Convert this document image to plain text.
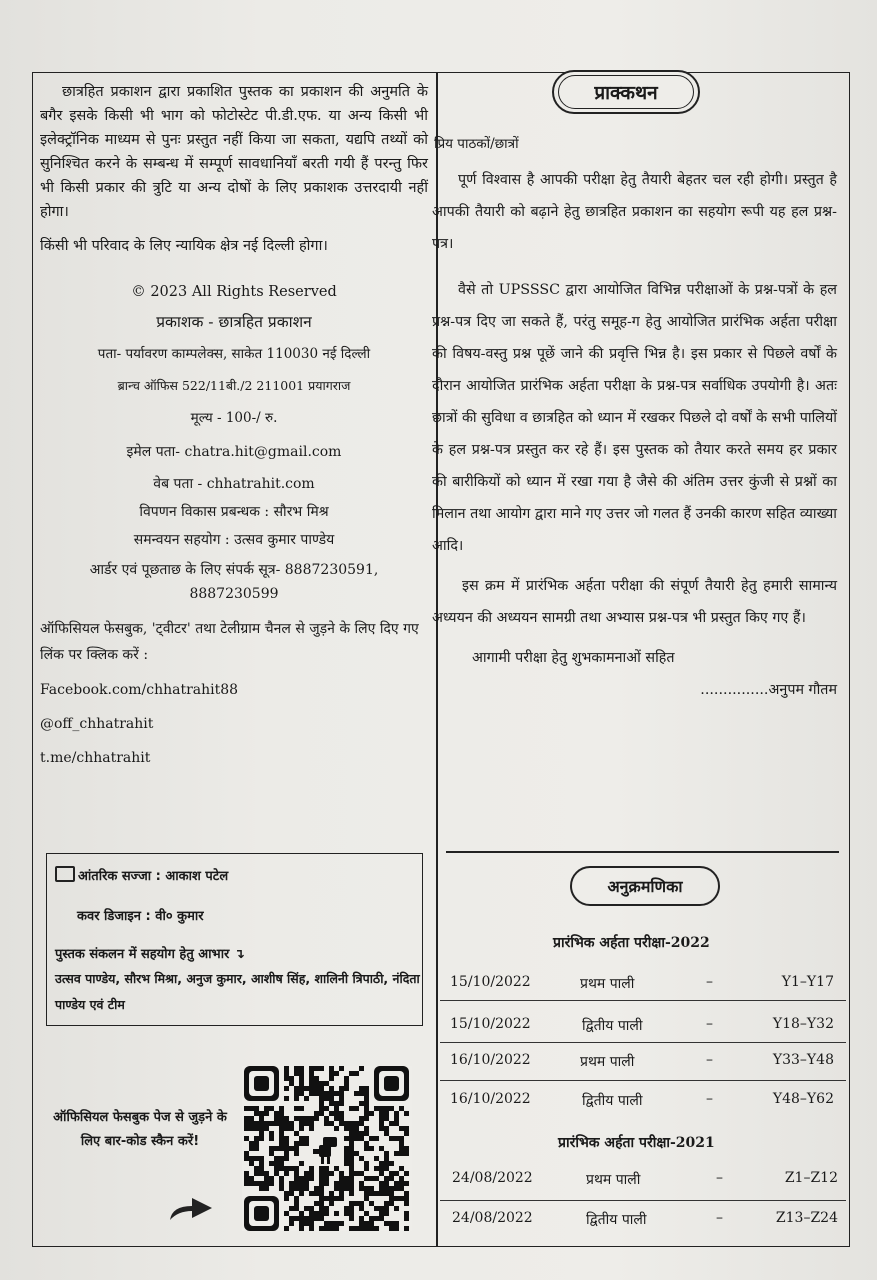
छात्रहित प्रकाशन द्वारा प्रकाशित पुस्तक का प्रकाशन की अनुमति के बगैर इसके किसी भी भाग को फोटोस्टेट पी.डी.एफ. या अन्य किसी भी इलेक्ट्रॉनिक माध्यम से पुनः प्रस्तुत नहीं किया जा सकता, यद्यपि तथ्यों को सुनिश्चित करने के सम्बन्ध में सम्पूर्ण सावधानियाँ बरती गयी हैं परन्तु फिर भी किसी प्रकार की त्रुटि या अन्य दोषों के लिए प्रकाशक उत्तरदायी नहीं होगा।

किंसी भी परिवाद के लिए न्यायिक क्षेत्र नई दिल्ली होगा।

© 2023 All Rights Reserved

प्रकाशक - छात्रहित प्रकाशन

पता- पर्यावरण काम्पलेक्स, साकेत 110030 नई दिल्ली

ब्रान्च ऑफिस 522/11बी./2 211001 प्रयागराज

मूल्य - 100-/ रु.

इमेल पता- chatra.hit@gmail.com

वेब पता - chhatrahit.com

विपणन विकास प्रबन्धक : सौरभ मिश्र

समन्वयन सहयोग : उत्सव कुमार पाण्डेय

आर्डर एवं पूछताछ के लिए संपर्क सूत्र- 8887230591,

8887230599

ऑफिसियल फेसबुक, 'ट्वीटर' तथा टेलीग्राम चैनल से जुड़ने के लिए दिए गए लिंक पर क्लिक करें :

Facebook.com/chhatrahit88

@off_chhatrahit

t.me/chhatrahit

आंतरिक सज्जा : आकाश पटेल
कवर डिजाइन : वी० कुमार
पुस्तक संकलन में सहयोग हेतु आभार ↴
उत्सव पाण्डेय, सौरभ मिश्रा, अनुज कुमार, आशीष सिंह, शालिनी त्रिपाठी, नंदिता पाण्डेय एवं टीम
ऑफिसियल फेसबुक पेज से जुड़ने के लिए बार-कोड स्कैन करें!
प्राक्कथन

प्रिय पाठकों/छात्रों

पूर्ण विश्वास है आपकी परीक्षा हेतु तैयारी बेहतर चल रही होगी। प्रस्तुत है आपकी तैयारी को बढ़ाने हेतु छात्रहित प्रकाशन का सहयोग रूपी यह हल प्रश्न-पत्र।

वैसे तो UPSSSC द्वारा आयोजित विभिन्न परीक्षाओं के प्रश्न-पत्रों के हल प्रश्न-पत्र दिए जा सकते हैं, परंतु समूह-ग हेतु आयोजित प्रारंभिक अर्हता परीक्षा की विषय-वस्तु प्रश्न पूछें जाने की प्रवृत्ति भिन्न है। इस प्रकार से पिछले वर्षों के दौरान आयोजित प्रारंभिक अर्हता परीक्षा के प्रश्न-पत्र सर्वाधिक उपयोगी है। अतः छात्रों की सुविधा व छात्रहित को ध्यान में रखकर पिछले दो वर्षों के सभी पालियों के हल प्रश्न-पत्र प्रस्तुत कर रहे हैं। इस पुस्तक को तैयार करते समय हर प्रकार की बारीकियों को ध्यान में रखा गया है जैसे की अंतिम उत्तर कुंजी से प्रश्नों का मिलान तथा आयोग द्वारा माने गए उत्तर जो गलत हैं उनकी कारण सहित व्याख्या आदि।

इस क्रम में प्रारंभिक अर्हता परीक्षा की संपूर्ण तैयारी हेतु हमारी सामान्य अध्ययन की अध्ययन सामग्री तथा अभ्यास प्रश्न-पत्र भी प्रस्तुत किए गए हैं।

आगामी परीक्षा हेतु शुभकामनाओं सहित

...............अनुपम गौतम

अनुक्रमणिका
प्रारंभिक अर्हता परीक्षा-2022
15/10/2022	प्रथम पाली	–	Y1–Y17
15/10/2022	द्वितीय पाली	–	Y18–Y32
16/10/2022	प्रथम पाली	–	Y33–Y48
16/10/2022	द्वितीय पाली	–	Y48–Y62
प्रारंभिक अर्हता परीक्षा-2021
24/08/2022	प्रथम पाली	–	Z1–Z12
24/08/2022	द्वितीय पाली	–	Z13–Z24
